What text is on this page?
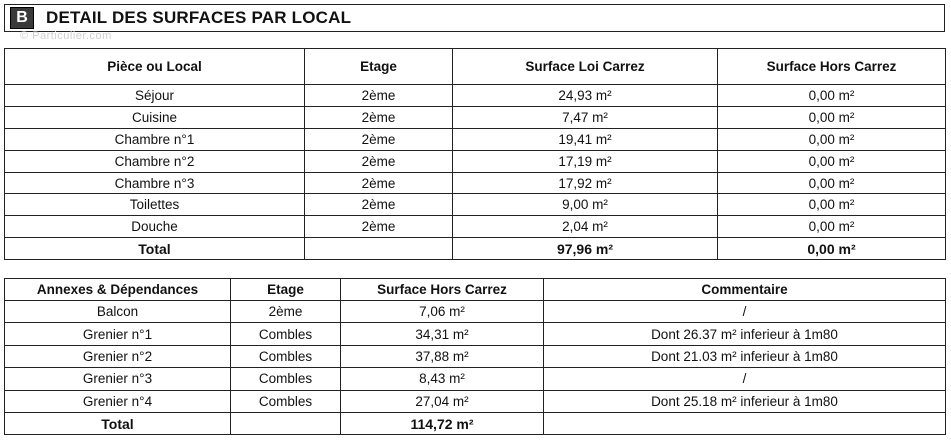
B	DETAIL DES SURFACES PAR LOCAL
© Particulier.com
Pièce ou Local	Etage	Surface Loi Carrez	Surface Hors Carrez
Séjour	2ème	24,93 m²	0,00 m²
Cuisine	2ème	7,47 m²	0,00 m²
Chambre n°1	2ème	19,41 m²	0,00 m²
Chambre n°2	2ème	17,19 m²	0,00 m²
Chambre n°3	2ème	17,92 m²	0,00 m²
Toilettes	2ème	9,00 m²	0,00 m²
Douche	2ème	2,04 m²	0,00 m²
Total		97,96 m²	0,00 m²
Annexes & Dépendances	Etage	Surface Hors Carrez	Commentaire
Balcon	2ème	7,06 m²	/
Grenier n°1	Combles	34,31 m²	Dont 26.37 m² inferieur à 1m80
Grenier n°2	Combles	37,88 m²	Dont 21.03 m² inferieur à 1m80
Grenier n°3	Combles	8,43 m²	/
Grenier n°4	Combles	27,04 m²	Dont 25.18 m² inferieur à 1m80
Total		114,72 m²	
